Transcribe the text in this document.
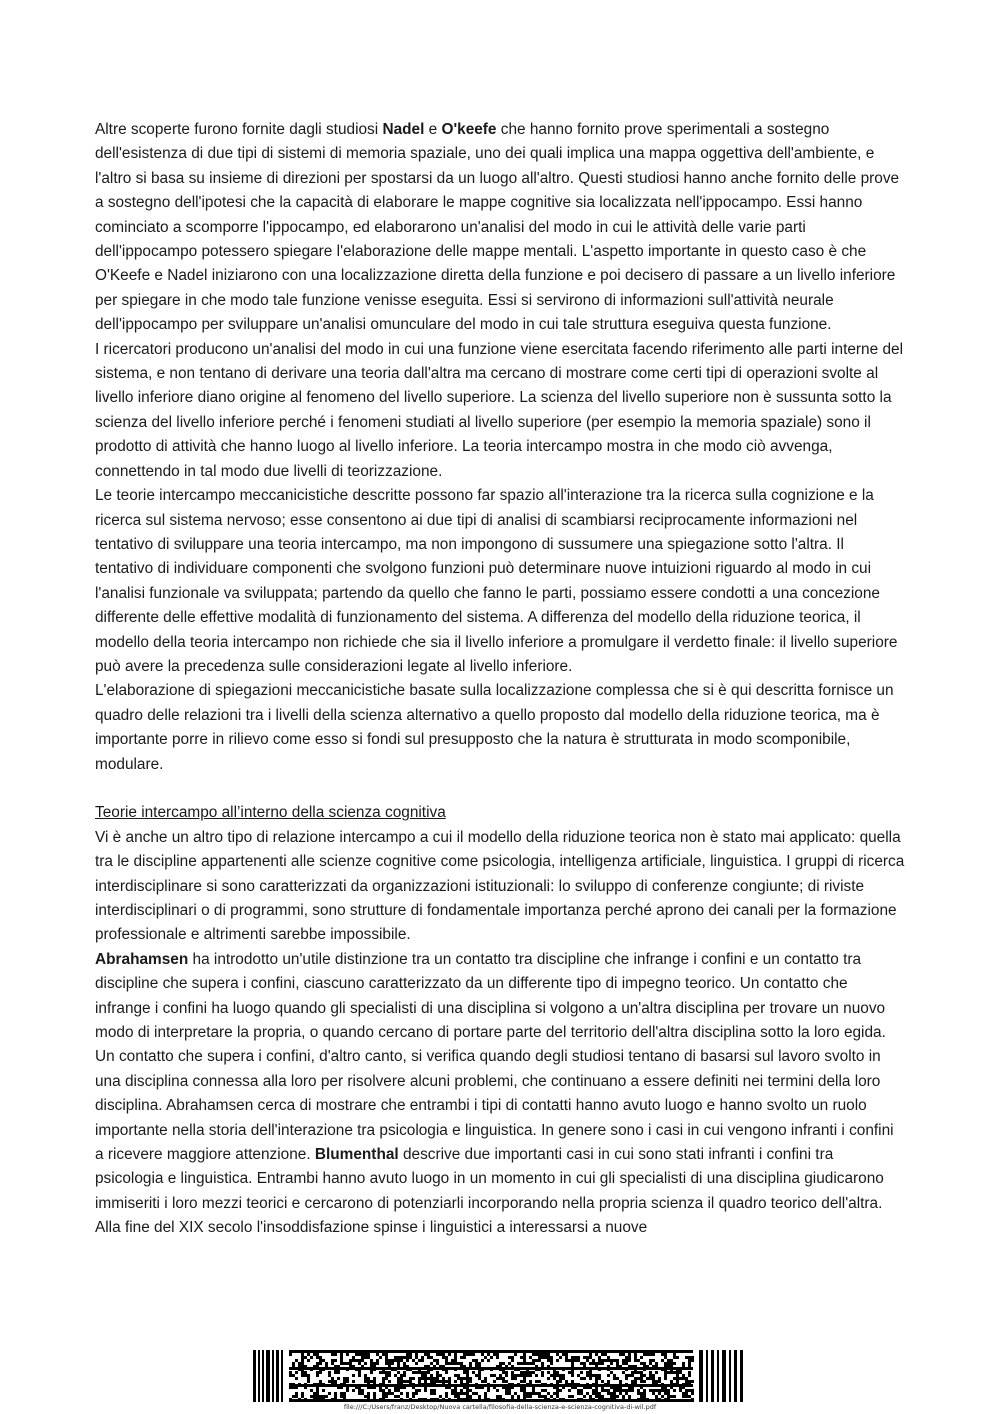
Altre scoperte furono fornite dagli studiosi Nadel e O'keefe che hanno fornito prove sperimentali a sostegno dell'esistenza di due tipi di sistemi di memoria spaziale, uno dei quali implica una mappa oggettiva dell'ambiente, e l'altro si basa su insieme di direzioni per spostarsi da un luogo all'altro. Questi studiosi hanno anche fornito delle prove a sostegno dell'ipotesi che la capacità di elaborare le mappe cognitive sia localizzata nell'ippocampo. Essi hanno cominciato a scomporre l'ippocampo, ed elaborarono un'analisi del modo in cui le attività delle varie parti dell'ippocampo potessero spiegare l'elaborazione delle mappe mentali. L'aspetto importante in questo caso è che O'Keefe e Nadel iniziarono con una localizzazione diretta della funzione e poi decisero di passare a un livello inferiore per spiegare in che modo tale funzione venisse eseguita. Essi si servirono di informazioni sull'attività neurale dell'ippocampo per sviluppare un'analisi omunculare del modo in cui tale struttura eseguiva questa funzione.

I ricercatori producono un'analisi del modo in cui una funzione viene esercitata facendo riferimento alle parti interne del sistema, e non tentano di derivare una teoria dall'altra ma cercano di mostrare come certi tipi di operazioni svolte al livello inferiore diano origine al fenomeno del livello superiore. La scienza del livello superiore non è sussunta sotto la scienza del livello inferiore perché i fenomeni studiati al livello superiore (per esempio la memoria spaziale) sono il prodotto di attività che hanno luogo al livello inferiore. La teoria intercampo mostra in che modo ciò avvenga, connettendo in tal modo due livelli di teorizzazione.

Le teorie intercampo meccanicistiche descritte possono far spazio all'interazione tra la ricerca sulla cognizione e la ricerca sul sistema nervoso; esse consentono ai due tipi di analisi di scambiarsi reciprocamente informazioni nel tentativo di sviluppare una teoria intercampo, ma non impongono di sussumere una spiegazione sotto l'altra. Il tentativo di individuare componenti che svolgono funzioni può determinare nuove intuizioni riguardo al modo in cui l'analisi funzionale va sviluppata; partendo da quello che fanno le parti, possiamo essere condotti a una concezione differente delle effettive modalità di funzionamento del sistema. A differenza del modello della riduzione teorica, il modello della teoria intercampo non richiede che sia il livello inferiore a promulgare il verdetto finale: il livello superiore può avere la precedenza sulle considerazioni legate al livello inferiore.

L'elaborazione di spiegazioni meccanicistiche basate sulla localizzazione complessa che si è qui descritta fornisce un quadro delle relazioni tra i livelli della scienza alternativo a quello proposto dal modello della riduzione teorica, ma è importante porre in rilievo come esso si fondi sul presupposto che la natura è strutturata in modo scomponibile, modulare.

Teorie intercampo all’interno della scienza cognitiva

Vi è anche un altro tipo di relazione intercampo a cui il modello della riduzione teorica non è stato mai applicato: quella tra le discipline appartenenti alle scienze cognitive come psicologia, intelligenza artificiale, linguistica. I gruppi di ricerca interdisciplinare si sono caratterizzati da organizzazioni istituzionali: lo sviluppo di conferenze congiunte; di riviste interdisciplinari o di programmi, sono strutture di fondamentale importanza perché aprono dei canali per la formazione professionale e altrimenti sarebbe impossibile.

Abrahamsen ha introdotto un'utile distinzione tra un contatto tra discipline che infrange i confini e un contatto tra discipline che supera i confini, ciascuno caratterizzato da un differente tipo di impegno teorico. Un contatto che infrange i confini ha luogo quando gli specialisti di una disciplina si volgono a un'altra disciplina per trovare un nuovo modo di interpretare la propria, o quando cercano di portare parte del territorio dell'altra disciplina sotto la loro egida. Un contatto che supera i confini, d'altro canto, si verifica quando degli studiosi tentano di basarsi sul lavoro svolto in una disciplina connessa alla loro per risolvere alcuni problemi, che continuano a essere definiti nei termini della loro disciplina. Abrahamsen cerca di mostrare che entrambi i tipi di contatti hanno avuto luogo e hanno svolto un ruolo importante nella storia dell'interazione tra psicologia e linguistica. In genere sono i casi in cui vengono infranti i confini a ricevere maggiore attenzione. Blumenthal descrive due importanti casi in cui sono stati infranti i confini tra psicologia e linguistica. Entrambi hanno avuto luogo in un momento in cui gli specialisti di una disciplina giudicarono immiseriti i loro mezzi teorici e cercarono di potenziarli incorporando nella propria scienza il quadro teorico dell'altra. Alla fine del XIX secolo l'insoddisfazione spinse i linguistici a interessarsi a nuove

file:///C:/Users/franz/Desktop/Nuova cartella/filosofia-della-scienza-e-scienza-cognitiva-di-wil.pdf
